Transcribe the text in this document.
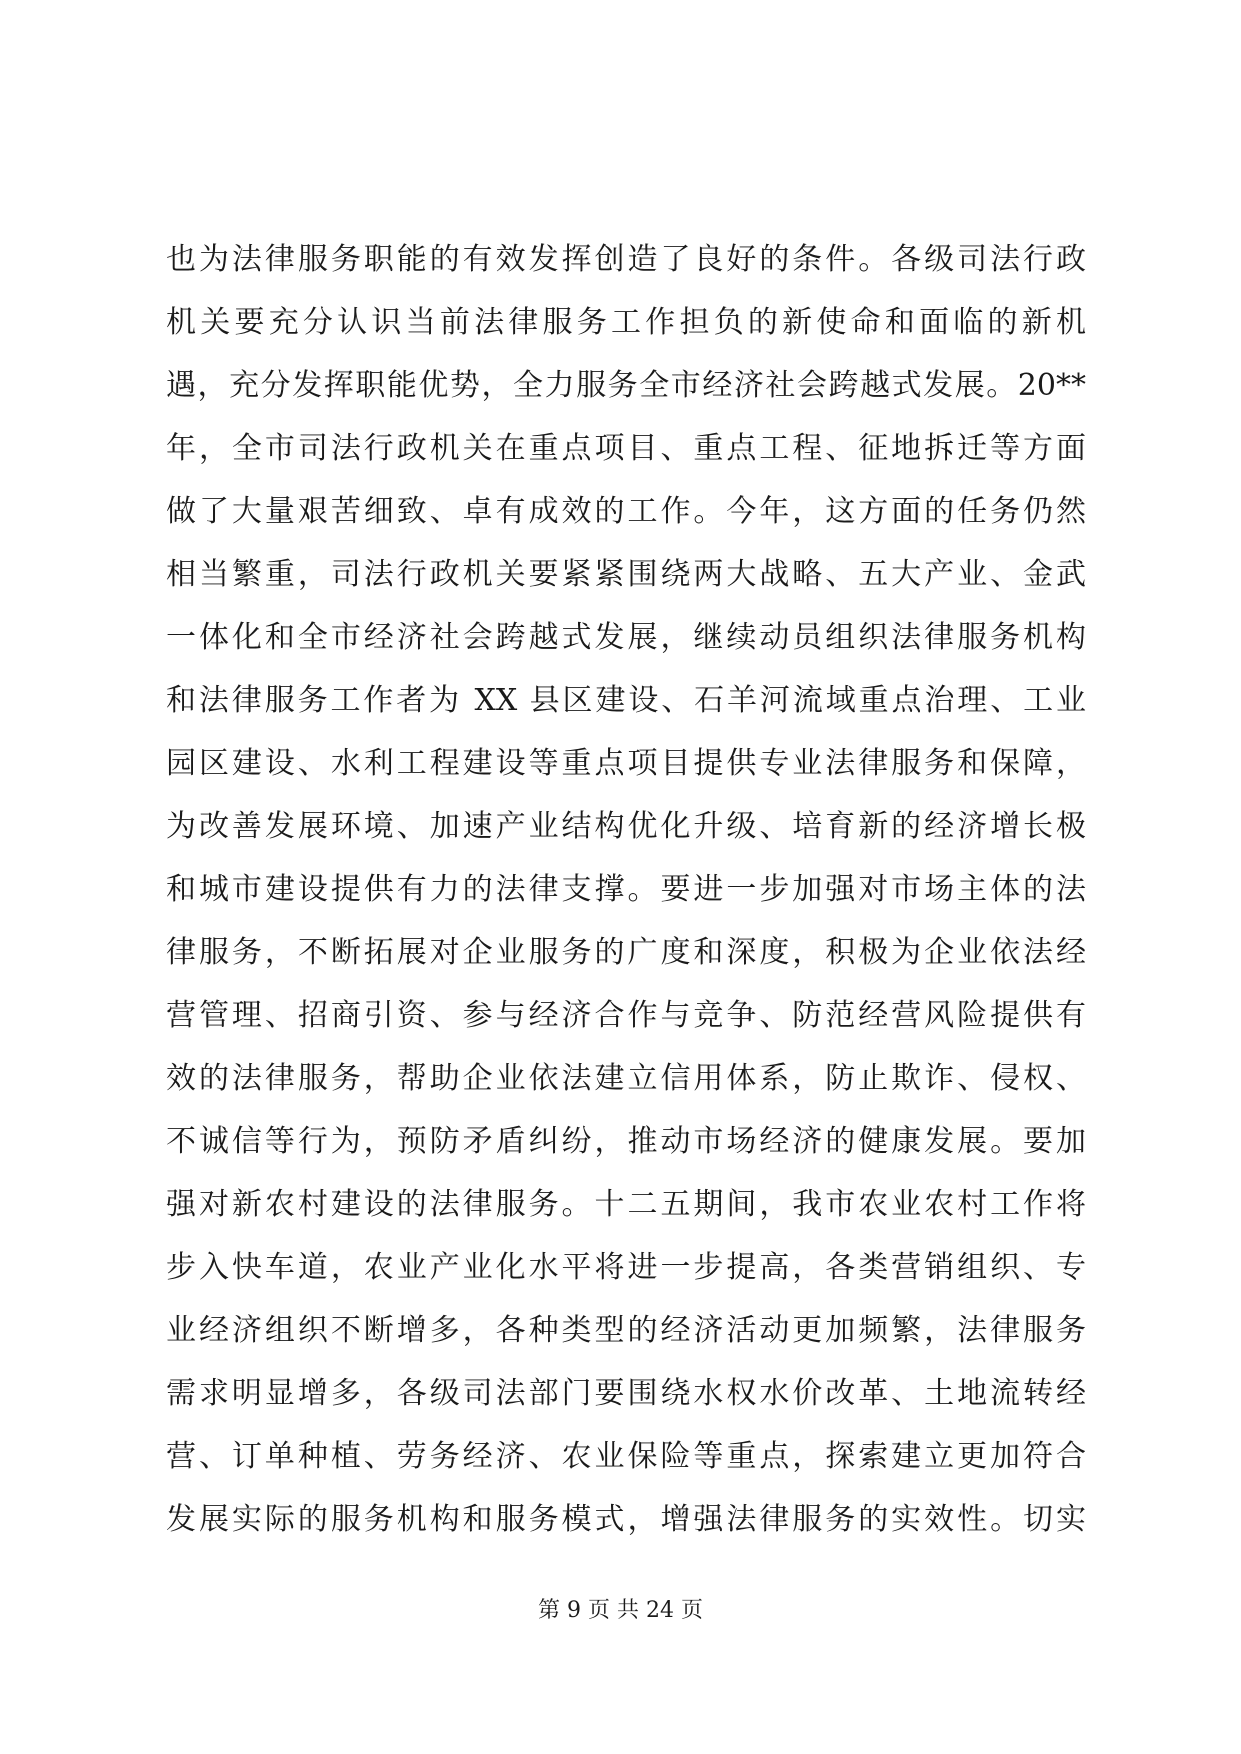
也为法律服务职能的有效发挥创造了良好的条件。各级司法行政
机关要充分认识当前法律服务工作担负的新使命和面临的新机
遇，充分发挥职能优势，全力服务全市经济社会跨越式发展。20**
年，全市司法行政机关在重点项目、重点工程、征地拆迁等方面
做了大量艰苦细致、卓有成效的工作。今年，这方面的任务仍然
相当繁重，司法行政机关要紧紧围绕两大战略、五大产业、金武
一体化和全市经济社会跨越式发展，继续动员组织法律服务机构
和法律服务工作者为 XX 县区建设、石羊河流域重点治理、工业
园区建设、水利工程建设等重点项目提供专业法律服务和保障，
为改善发展环境、加速产业结构优化升级、培育新的经济增长极
和城市建设提供有力的法律支撑。要进一步加强对市场主体的法
律服务，不断拓展对企业服务的广度和深度，积极为企业依法经
营管理、招商引资、参与经济合作与竞争、防范经营风险提供有
效的法律服务，帮助企业依法建立信用体系，防止欺诈、侵权、
不诚信等行为，预防矛盾纠纷，推动市场经济的健康发展。要加
强对新农村建设的法律服务。十二五期间，我市农业农村工作将
步入快车道，农业产业化水平将进一步提高，各类营销组织、专
业经济组织不断增多，各种类型的经济活动更加频繁，法律服务
需求明显增多，各级司法部门要围绕水权水价改革、土地流转经
营、订单种植、劳务经济、农业保险等重点，探索建立更加符合
发展实际的服务机构和服务模式，增强法律服务的实效性。切实
第 9 页 共 24 页
